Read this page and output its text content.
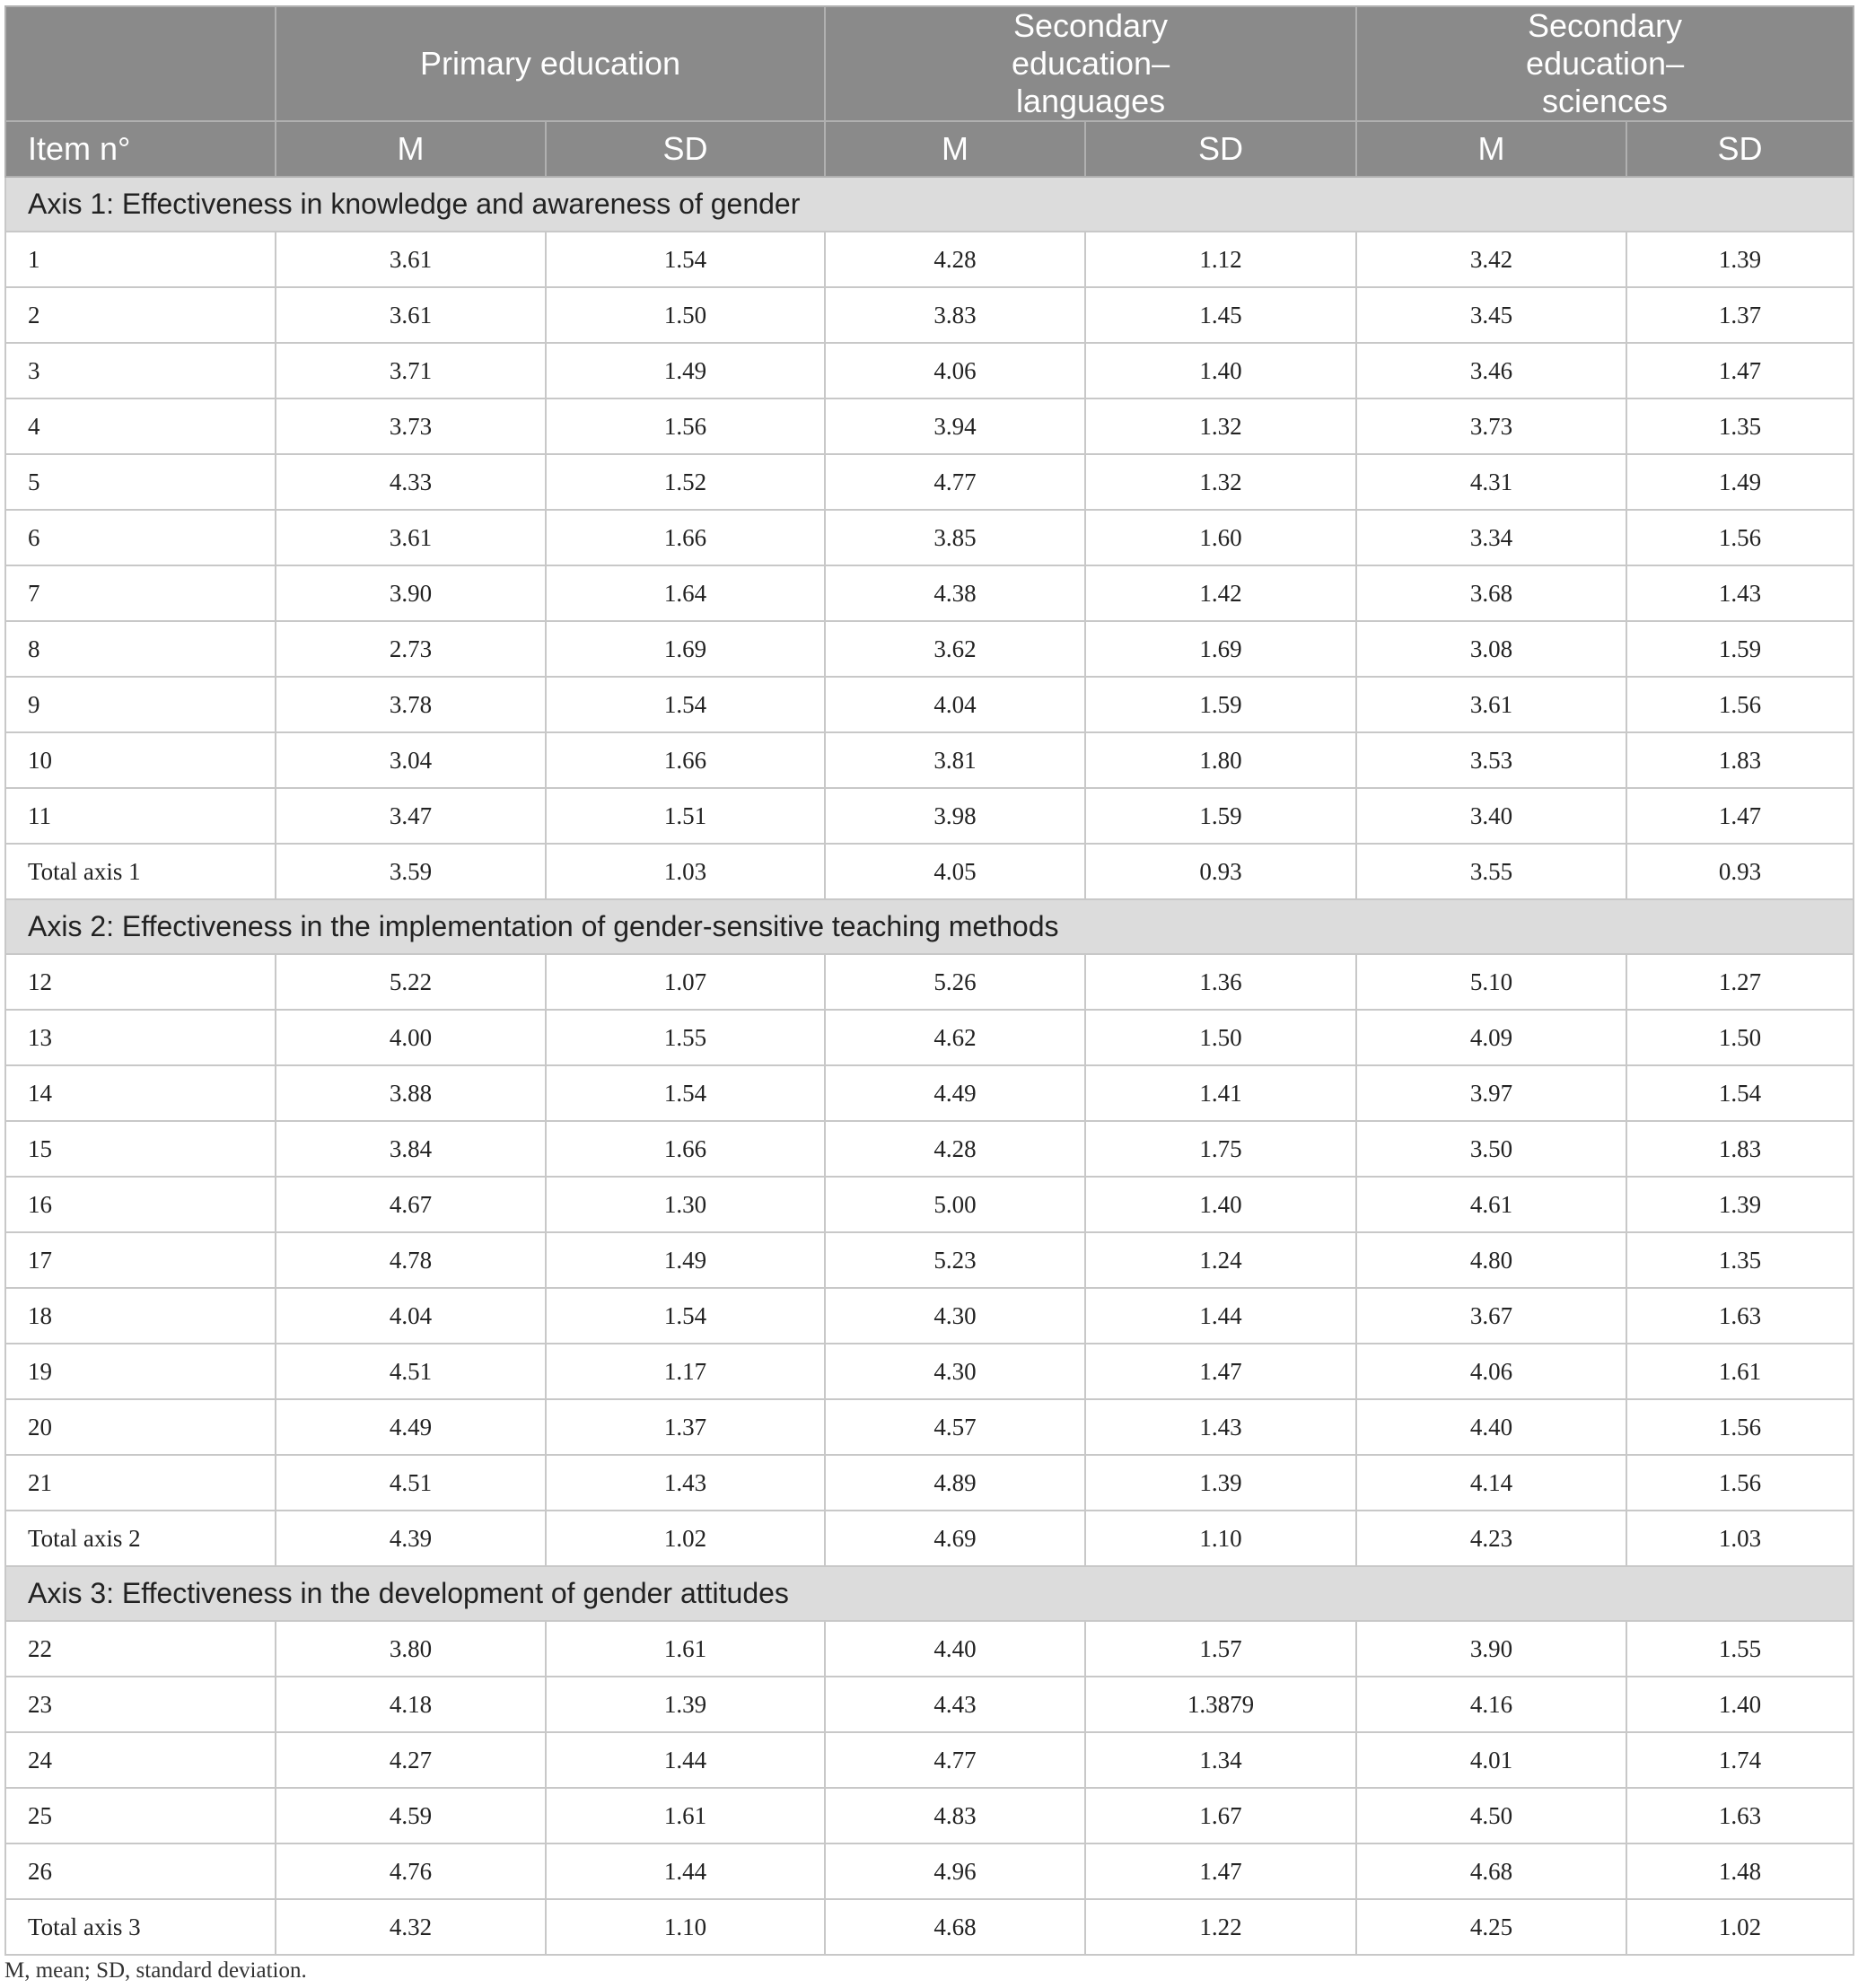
	Primary education		Secondary education–languages		Secondary education–sciences	
Item n°	M	SD	M	SD	M	SD
Axis 1: Effectiveness in knowledge and awareness of gender						
1	3.61	1.54	4.28	1.12	3.42	1.39
2	3.61	1.50	3.83	1.45	3.45	1.37
3	3.71	1.49	4.06	1.40	3.46	1.47
4	3.73	1.56	3.94	1.32	3.73	1.35
5	4.33	1.52	4.77	1.32	4.31	1.49
6	3.61	1.66	3.85	1.60	3.34	1.56
7	3.90	1.64	4.38	1.42	3.68	1.43
8	2.73	1.69	3.62	1.69	3.08	1.59
9	3.78	1.54	4.04	1.59	3.61	1.56
10	3.04	1.66	3.81	1.80	3.53	1.83
11	3.47	1.51	3.98	1.59	3.40	1.47
Total axis 1	3.59	1.03	4.05	0.93	3.55	0.93
Axis 2: Effectiveness in the implementation of gender-sensitive teaching methods						
12	5.22	1.07	5.26	1.36	5.10	1.27
13	4.00	1.55	4.62	1.50	4.09	1.50
14	3.88	1.54	4.49	1.41	3.97	1.54
15	3.84	1.66	4.28	1.75	3.50	1.83
16	4.67	1.30	5.00	1.40	4.61	1.39
17	4.78	1.49	5.23	1.24	4.80	1.35
18	4.04	1.54	4.30	1.44	3.67	1.63
19	4.51	1.17	4.30	1.47	4.06	1.61
20	4.49	1.37	4.57	1.43	4.40	1.56
21	4.51	1.43	4.89	1.39	4.14	1.56
Total axis 2	4.39	1.02	4.69	1.10	4.23	1.03
Axis 3: Effectiveness in the development of gender attitudes						
22	3.80	1.61	4.40	1.57	3.90	1.55
23	4.18	1.39	4.43	1.3879	4.16	1.40
24	4.27	1.44	4.77	1.34	4.01	1.74
25	4.59	1.61	4.83	1.67	4.50	1.63
26	4.76	1.44	4.96	1.47	4.68	1.48
Total axis 3	4.32	1.10	4.68	1.22	4.25	1.02
M, mean; SD, standard deviation.
